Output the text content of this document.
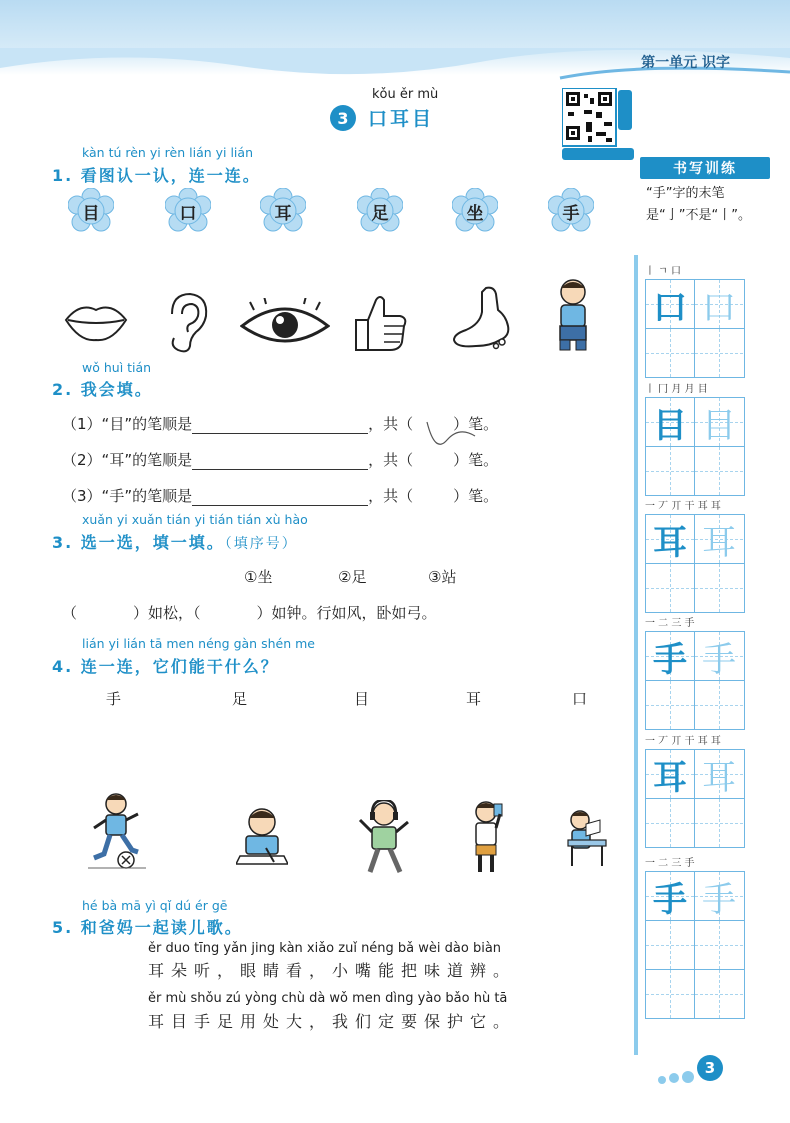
第一单元 识字
kǒu ěr mù
3	口耳目
kàn tú rèn yi rèn lián yi lián
1. 看图认一认，连一连。
目	口	耳	足	坐	手
wǒ huì tián
2. 我会填。
（1）“目”的笔顺是	，共（	）笔。
（2）“耳”的笔顺是	，共（	）笔。
（3）“手”的笔顺是	，共（	）笔。
xuǎn yi xuǎn tián yi tián tián xù hào
3. 选一选，填一填。（填序号）
①坐	②足	③站
（	）如松，（	）如钟。行如风，卧如弓。
lián yi lián tā men néng gàn shén me
4. 连一连，它们能干什么？
手	足	目	耳	口
hé bà mā yì qǐ dú ér gē
5. 和爸妈一起读儿歌。
ěr duo tīng yǎn jing kàn xiǎo zuǐ néng bǎ wèi dào biàn
耳朵听，眼睛看，小嘴能把味道辨。
ěr mù shǒu zú yòng chù dà wǒ men dìng yào bǎo hù tā
耳目手足用处大，我们定要保护它。
书写训练
“手”字的末笔是“亅”不是“丨”。
丨 ㄱ 口
口 口
丨 冂 月 月 目
目 目
一 丆 丌 干 耳 耳
耳 耳
一 二 三 手
手 手
一 丆 丌 干 耳 耳
耳 耳
一 二 三 手
手 手
3
